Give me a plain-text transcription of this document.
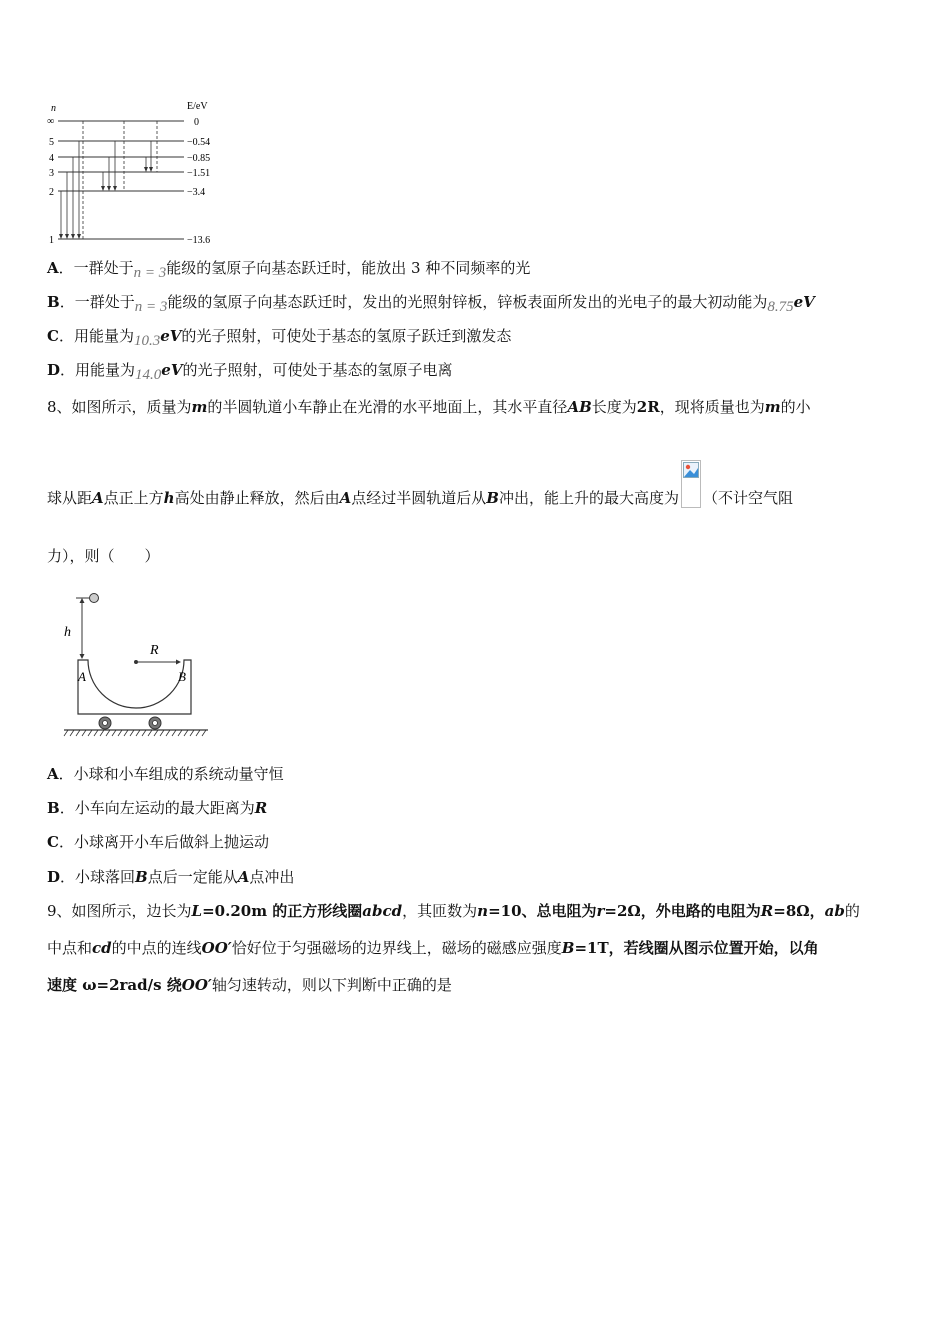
n	E/eV
∞
5
4
3
2
1
0
−0.54
−0.85
−1.51
−3.4
−13.6
A．一群处于n = 3能级的氢原子向基态跃迁时，能放出 3 种不同频率的光
B．一群处于n = 3能级的氢原子向基态跃迁时，发出的光照射锌板，锌板表面所发出的光电子的最大初动能为8.75eV
C．用能量为10.3eV的光子照射，可使处于基态的氢原子跃迁到激发态
D．用能量为14.0eV的光子照射，可使处于基态的氢原子电离
8、如图所示，质量为m的半圆轨道小车静止在光滑的水平地面上，其水平直径AB长度为2R，现将质量也为m的小
球从距A点正上方h高处由静止释放，然后由A点经过半圆轨道后从B冲出，能上升的最大高度为 （不计空气阻
力），则（　　）
h
A	B
R
A．小球和小车组成的系统动量守恒
B．小车向左运动的最大距离为R
C．小球离开小车后做斜上抛运动
D．小球落回B点后一定能从A点冲出
9、如图所示，边长为L=0.20m 的正方形线圈abcd，其匝数为n=10、总电阻为r=2Ω，外电路的电阻为R=8Ω，ab的
中点和cd的中点的连线OO′恰好位于匀强磁场的边界线上，磁场的磁感应强度B=1T，若线圈从图示位置开始，以角
速度 ω=2rad/s 绕OO′轴匀速转动，则以下判断中正确的是
